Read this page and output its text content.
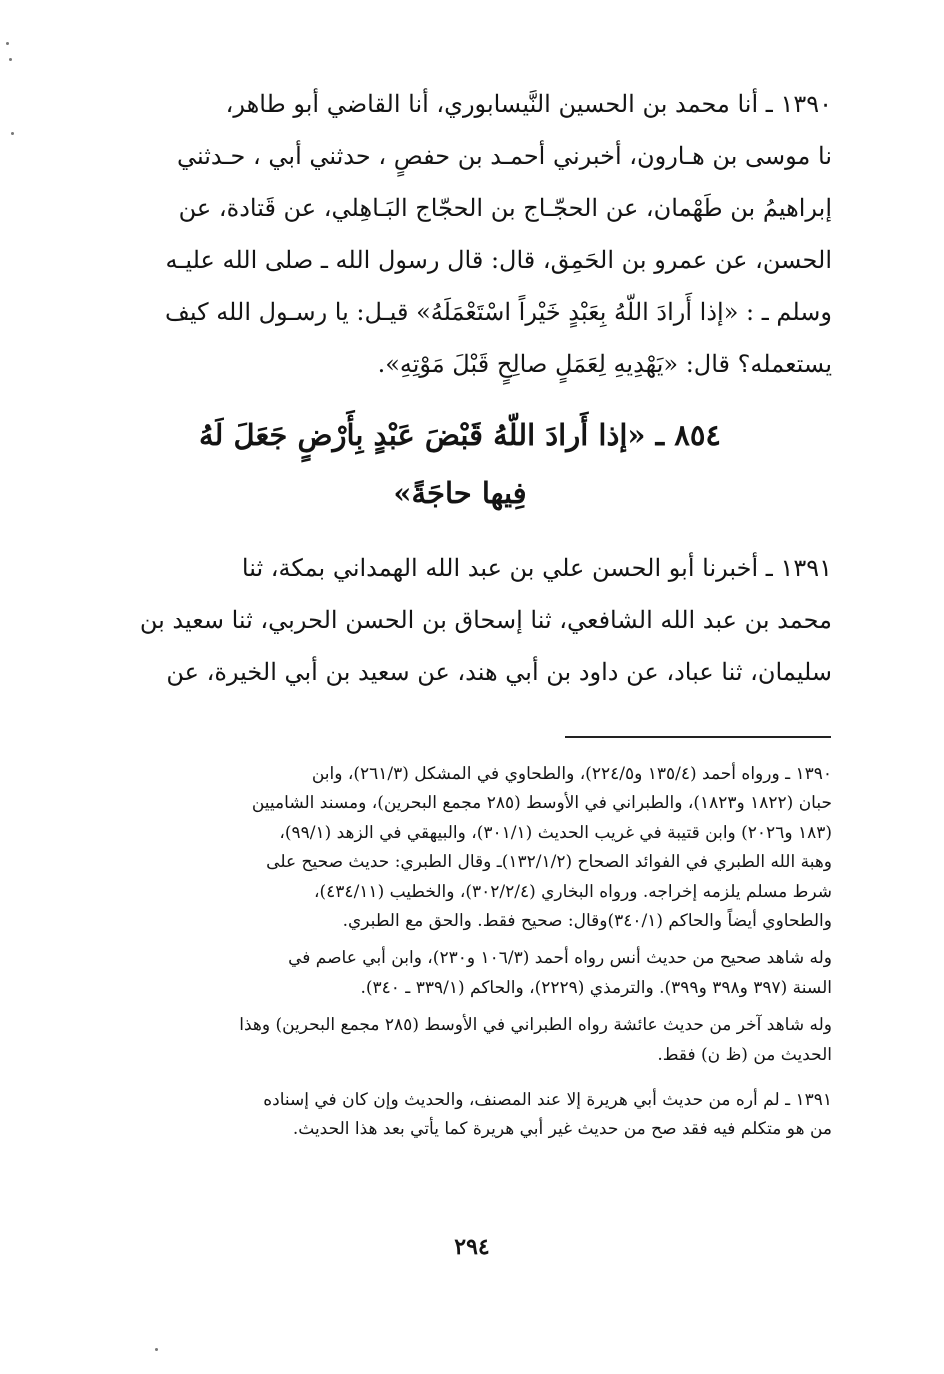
١٣٩٠ ـ أنا محمد بن الحسين النَّيسابوري، أنا القاضي أبو طاهر،

نا موسى بن هـارون، أخبرني أحمـد بن حفصٍ ، حدثني أبي ، حـدثني

إبراهيمُ بن طَهْمان، عن الحجّـاج بن الحجّاج البَـاهِلي، عن قَتادة، عن

الحسن، عن عمرو بن الحَمِق، قال: قال رسول الله ـ صلى الله عليـه

وسلم ـ : «إذا أَرادَ اللّهُ بِعَبْدٍ خَيْراً اسْتَعْمَلَهُ» قيـل: يا رسـول الله كيف

يستعمله؟ قال: «يَهْدِيهِ لِعَمَلٍ صالِحٍ قَبْلَ مَوْتِهِ».

٨٥٤ ـ «إذا أَرادَ اللّهُ قَبْضَ عَبْدٍ بِأَرْضٍ جَعَلَ لَهُ
فِيها حاجَةً»

١٣٩١ ـ أخبرنا أبو الحسن علي بن عبد الله الهمداني بمكة، ثنا

محمد بن عبد الله الشافعي، ثنا إسحاق بن الحسن الحربي، ثنا سعيد بن

سليمان، ثنا عباد، عن داود بن أبي هند، عن سعيد بن أبي الخيرة، عن

١٣٩٠ ـ ورواه أحمد (١٣٥/٤ و٢٢٤/٥)، والطحاوي في المشكل (٢٦١/٣)، وابن

حبان (١٨٢٢ و١٨٢٣)، والطبراني في الأوسط (٢٨٥ مجمع البحرين)، ومسند الشاميين

(١٨٣ و٢٠٢٦) وابن قتيبة في غريب الحديث (٣٠١/١)، والبيهقي في الزهد (٩٩/١)،

وهبة الله الطبري في الفوائد الصحاح (١٣٢/١/٢)ـ وقال الطبري: حديث صحيح على

شرط مسلم يلزمه إخراجه. ورواه البخاري (٣٠٢/٢/٤)، والخطيب (٤٣٤/١١)،

والطحاوي أيضاً والحاكم (٣٤٠/١)وقال: صحيح فقط. والحق مع الطبري.

وله شاهد صحيح من حديث أنس رواه أحمد (١٠٦/٣ و٢٣٠)، وابن أبي عاصم في

السنة (٣٩٧ و٣٩٨ و٣٩٩). والترمذي (٢٢٢٩)، والحاكم (٣٣٩/١ ـ ٣٤٠).

وله شاهد آخر من حديث عائشة رواه الطبراني في الأوسط (٢٨٥ مجمع البحرين) وهذا

الحديث من (ظ ن) فقط.

١٣٩١ ـ لم أره من حديث أبي هريرة إلا عند المصنف، والحديث وإن كان في إسناده

من هو متكلم فيه فقد صح من حديث غير أبي هريرة كما يأتي بعد هذا الحديث.

٢٩٤
